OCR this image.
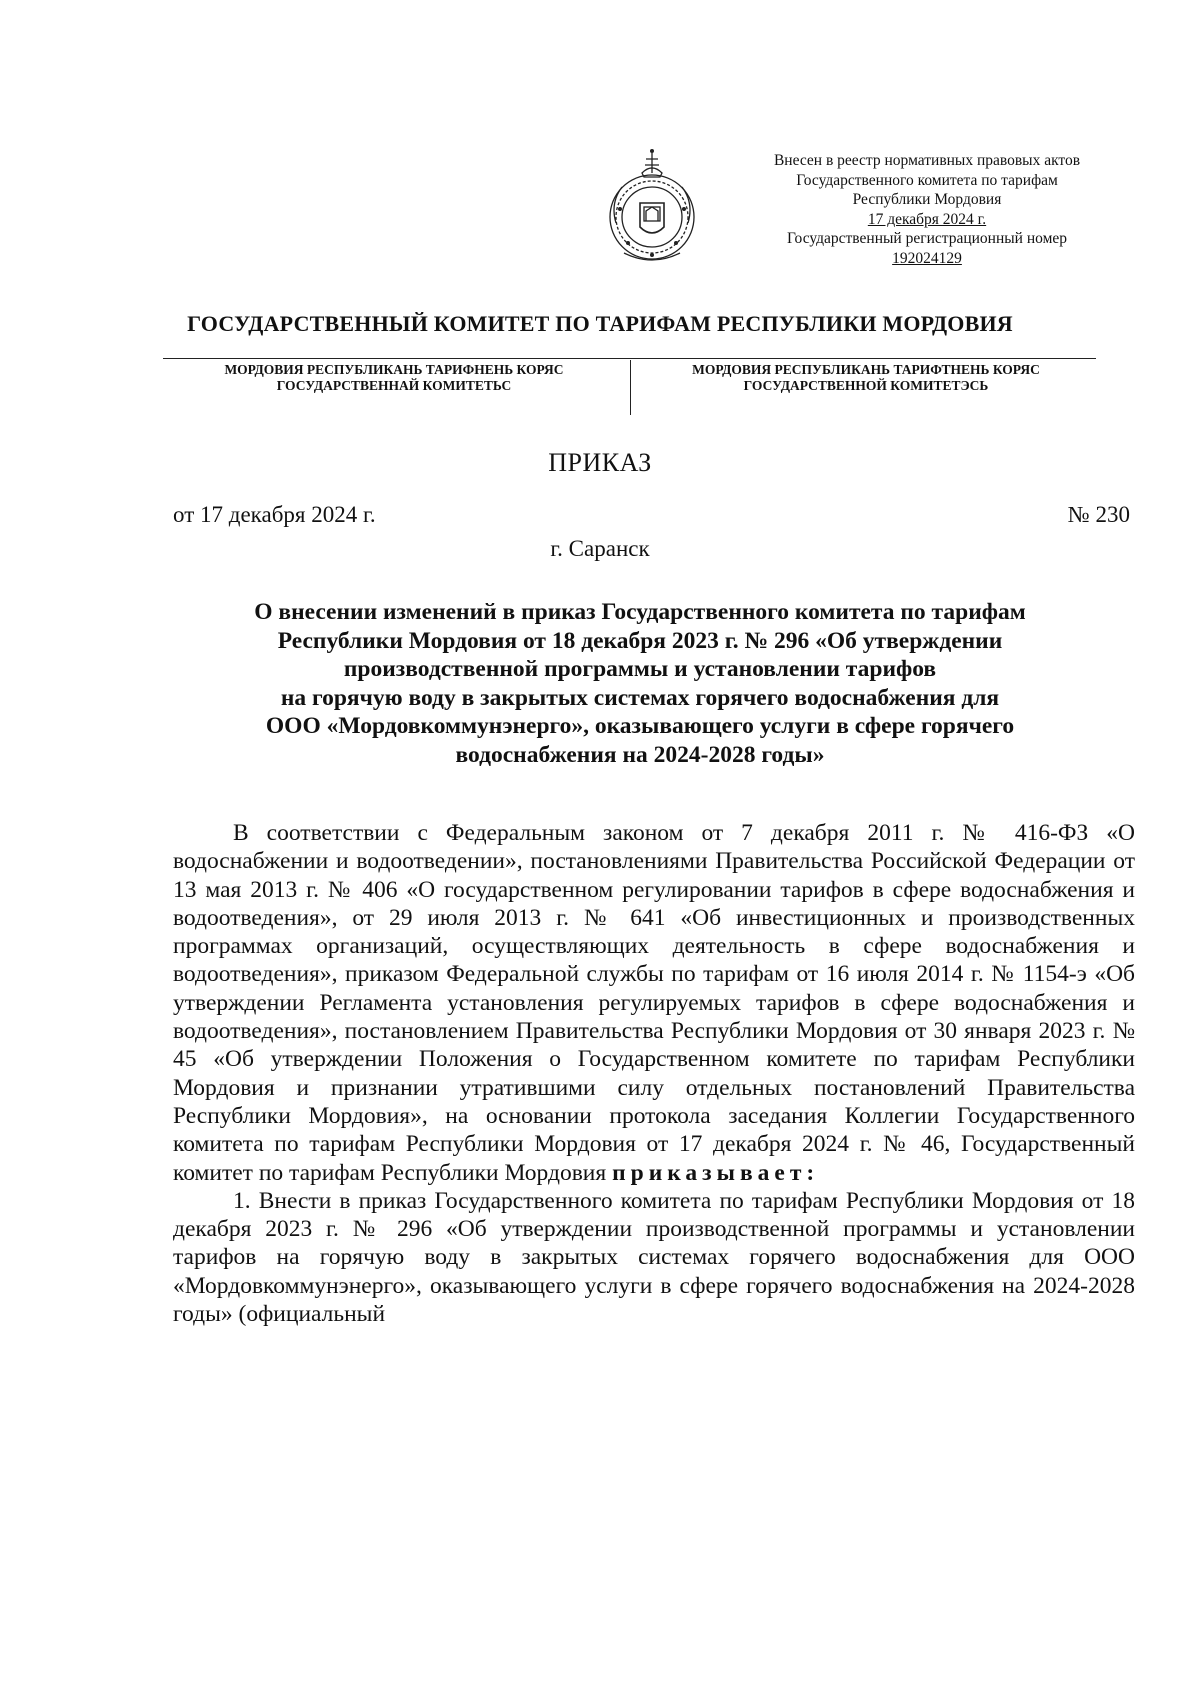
Внесен в реестр нормативных правовых актов
Государственного комитета по тарифам
Республики Мордовия
17 декабря 2024 г.
Государственный регистрационный номер
192024129
ГОСУДАРСТВЕННЫЙ КОМИТЕТ ПО ТАРИФАМ РЕСПУБЛИКИ МОРДОВИЯ
МОРДОВИЯ РЕСПУБЛИКАНЬ ТАРИФНЕНЬ КОРЯС
ГОСУДАРСТВЕННАЙ КОМИТЕТЬС
МОРДОВИЯ РЕСПУБЛИКАНЬ ТАРИФТНЕНЬ КОРЯС
ГОСУДАРСТВЕННОЙ КОМИТЕТЭСЬ
ПРИКАЗ
от 17 декабря 2024 г.	№ 230
г. Саранск
О внесении изменений в приказ Государственного комитета по тарифам
Республики Мордовия от 18 декабря 2023 г. № 296 «Об утверждении
производственной программы и установлении тарифов
на горячую воду в закрытых системах горячего водоснабжения для
ООО «Мордовкоммунэнерго», оказывающего услуги в сфере горячего
водоснабжения на 2024-2028 годы»

В соответствии с Федеральным законом от 7 декабря 2011 г. № 416-ФЗ «О водоснабжении и водоотведении», постановлениями Правительства Российской Федерации от 13 мая 2013 г. № 406 «О государственном регулировании тарифов в сфере водоснабжения и водоотведения», от 29 июля 2013 г. № 641 «Об инвестиционных и производственных программах организаций, осуществляющих деятельность в сфере водоснабжения и водоотведения», приказом Федеральной службы по тарифам от 16 июля 2014 г. № 1154-э «Об утверждении Регламента установления регулируемых тарифов в сфере водоснабжения и водоотведения», постановлением Правительства Республики Мордовия от 30 января 2023 г. № 45 «Об утверждении Положения о Государственном комитете по тарифам Республики Мордовия и признании утратившими силу отдельных постановлений Правительства Республики Мордовия», на основании протокола заседания Коллегии Государственного комитета по тарифам Республики Мордовия от 17 декабря 2024 г. № 46, Государственный комитет по тарифам Республики Мордовия приказывает:

1. Внести в приказ Государственного комитета по тарифам Республики Мордовия от 18 декабря 2023 г. № 296 «Об утверждении производственной программы и установлении тарифов на горячую воду в закрытых системах горячего водоснабжения для ООО «Мордовкоммунэнерго», оказывающего услуги в сфере горячего водоснабжения на 2024-2028 годы» (официальный
